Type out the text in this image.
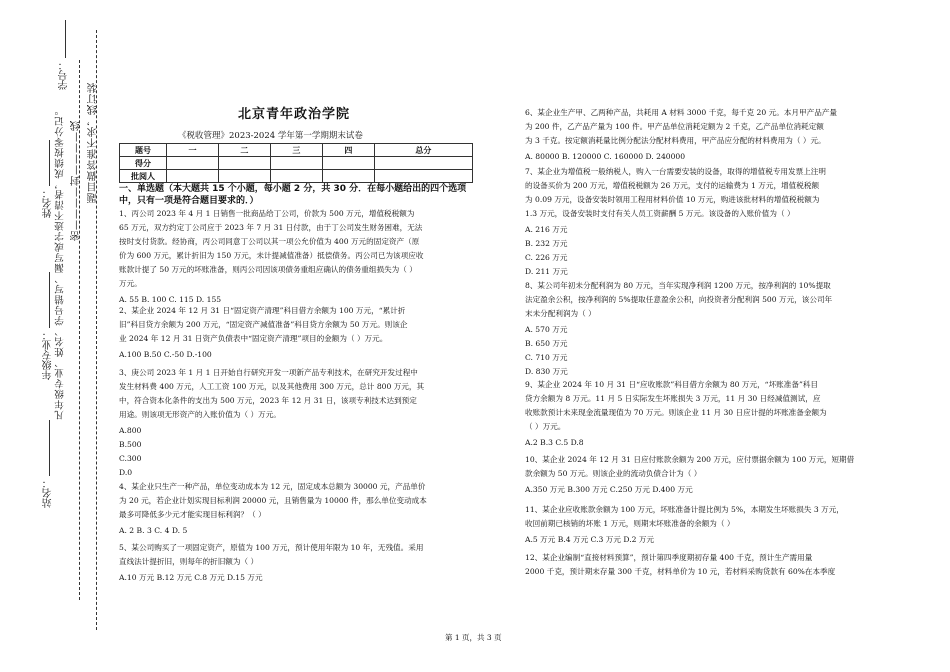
题目做答准不求，线订装
密————封————线
凡年级专业、姓名、学号错写、漏写或字迹不清者，成绩按零分记。
学号：
姓名：
年级专业：
站名：
北京青年政治学院
《税收管理》2023-2024 学年第一学期期末试卷
题号	一	二	三	四	总分
得分					
批阅人					
一、单选题（本大题共 15 个小题，每小题 2 分，共 30 分．在每小题给出的四个选项中，只有一项是符合题目要求的．）

1、丙公司 2023 年 4 月 1 日销售一批商品给丁公司，价款为 500 万元，增值税税额为

65 万元，双方约定丁公司应于 2023 年 7 月 31 日付款，由于丁公司发生财务困难，无法

按时支付货款。经协商，丙公司同意丁公司以其一项公允价值为 400 万元的固定资产（原

价为 600 万元，累计折旧为 150 万元，未计提减值准备）抵偿债务。丙公司已为该项应收

账款计提了 50 万元的坏账准备，则丙公司因该项债务重组应确认的债务重组损失为（ ）

万元。

A. 55 B. 100 C. 115 D. 155

2、某企业 2024 年 12 月 31 日“固定资产清理”科目借方余额为 100 万元，“累计折

旧”科目贷方余额为 200 万元，“固定资产减值准备”科目贷方余额为 50 万元。则该企

业 2024 年 12 月 31 日资产负债表中“固定资产清理”项目的金额为（ ）万元。

A.100 B.50 C.-50 D.-100

3、庚公司 2023 年 1 月 1 日开始自行研究开发一项新产品专利技术，在研究开发过程中

发生材料费 400 万元，人工工资 100 万元，以及其他费用 300 万元，总计 800 万元，其

中，符合资本化条件的支出为 500 万元，2023 年 12 月 31 日，该项专利技术达到预定

用途。则该项无形资产的入账价值为（ ）万元。

A.800

B.500

C.300

D.0

4、某企业只生产一种产品，单位变动成本为 12 元，固定成本总额为 30000 元，产品单价

为 20 元，若企业计划实现目标利润 20000 元，且销售量为 10000 件，那么单位变动成本

最多可降低多少元才能实现目标利润？（ ）

A. 2 B. 3 C. 4 D. 5

5、某公司购买了一项固定资产，原值为 100 万元，预计使用年限为 10 年，无残值。采用

直线法计提折旧，则每年的折旧额为（ ）

A.10 万元 B.12 万元 C.8 万元 D.15 万元

6、某企业生产甲、乙两种产品，共耗用 A 材料 3000 千克，每千克 20 元。本月甲产品产量

为 200 件，乙产品产量为 100 件。甲产品单位消耗定额为 2 千克，乙产品单位消耗定额

为 3 千克。按定额消耗量比例分配法分配材料费用，甲产品应分配的材料费用为（ ）元。

A. 80000 B. 120000 C. 160000 D. 240000

7、某企业为增值税一般纳税人，购入一台需要安装的设备，取得的增值税专用发票上注明

的设备买价为 200 万元，增值税税额为 26 万元，支付的运输费为 1 万元，增值税税额

为 0.09 万元，设备安装时领用工程用材料价值 10 万元，购进该批材料的增值税税额为

1.3 万元，设备安装时支付有关人员工资薪酬 5 万元。该设备的入账价值为（ ）

A. 216 万元

B. 232 万元

C. 226 万元

D. 211 万元

8、某公司年初未分配利润为 80 万元，当年实现净利润 1200 万元，按净利润的 10%提取

法定盈余公积，按净利润的 5%提取任意盈余公积，向投资者分配利润 500 万元，该公司年

末未分配利润为（ ）

A. 570 万元

B. 650 万元

C. 710 万元

D. 830 万元

9、某企业 2024 年 10 月 31 日“应收账款”科目借方余额为 80 万元，“坏账准备”科目

贷方余额为 8 万元。11 月 5 日实际发生坏账损失 3 万元，11 月 30 日经减值测试，应

收账款预计未来现金流量现值为 70 万元。则该企业 11 月 30 日应计提的坏账准备金额为

（ ）万元。

A.2 B.3 C.5 D.8

10、某企业 2024 年 12 月 31 日应付账款余额为 200 万元，应付票据余额为 100 万元，短期借

款余额为 50 万元。则该企业的流动负债合计为（ ）

A.350 万元 B.300 万元 C.250 万元 D.400 万元

11、某企业应收账款余额为 100 万元，坏账准备计提比例为 5%，本期发生坏账损失 3 万元，

收回前期已核销的坏账 1 万元，则期末坏账准备的余额为（ ）

A.5 万元 B.4 万元 C.3 万元 D.2 万元

12、某企业编制“直接材料预算”，预计第四季度期初存量 400 千克，预计生产需用量

2000 千克，预计期末存量 300 千克，材料单价为 10 元，若材料采购货款有 60%在本季度

第 1 页，共 3 页
